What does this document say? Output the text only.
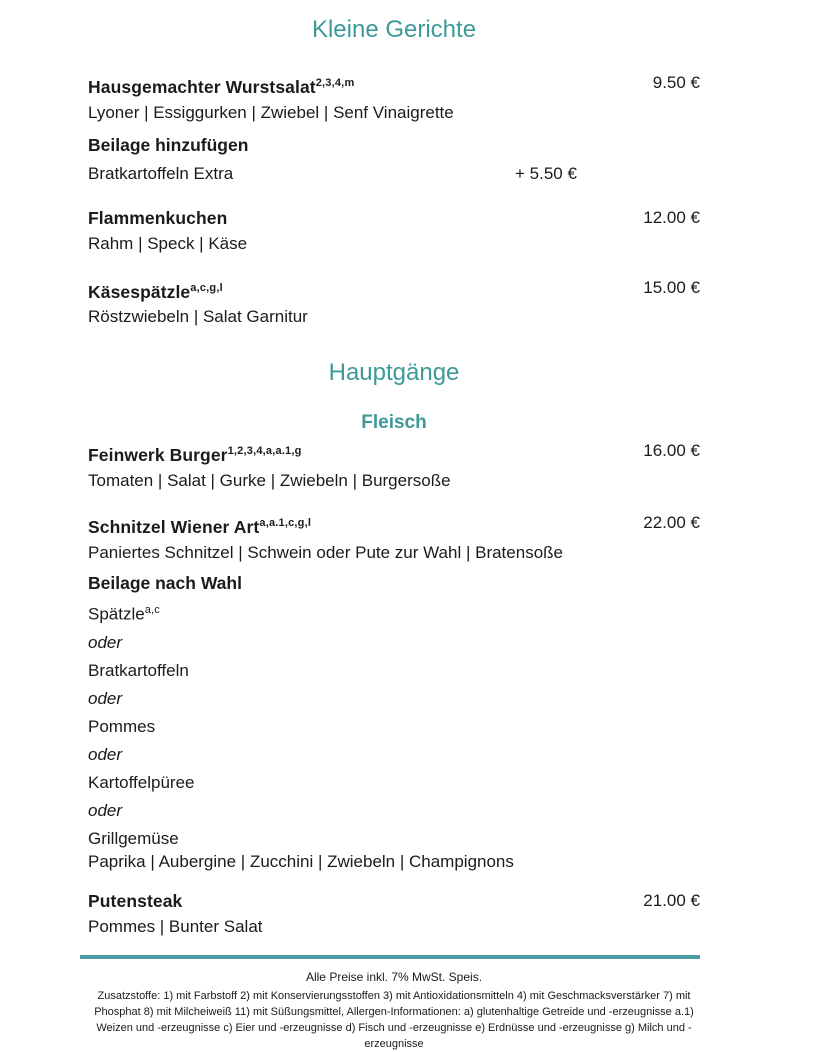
Kleine Gerichte
Hausgemachter Wurstsalat$^{2,3,4,m}$	9.50 €
Lyoner | Essiggurken | Zwiebel | Senf Vinaigrette
Beilage hinzufügen
Bratkartoffeln Extra	+ 5.50 €
Flammenkuchen	12.00 €
Rahm | Speck | Käse
Käsespätzle$^{a,c,g,l}$	15.00 €
Röstzwiebeln | Salat Garnitur
Hauptgänge
Fleisch
Feinwerk Burger$^{1,2,3,4,a,a.1,g}$	16.00 €
Tomaten | Salat | Gurke | Zwiebeln | Burgersoße
Schnitzel Wiener Art$^{a,a.1,c,g,l}$	22.00 €
Paniertes Schnitzel | Schwein oder Pute zur Wahl | Bratensoße
Beilage nach Wahl
Spätzle$^{a,c}$
oder
Bratkartoffeln
oder
Pommes
oder
Kartoffelpüree
oder
Grillgemüse
Paprika | Aubergine | Zucchini | Zwiebeln | Champignons
Putensteak	21.00 €
Pommes | Bunter Salat
Alle Preise inkl. 7% MwSt. Speis.
Zusatzstoffe: 1) mit Farbstoff 2) mit Konservierungsstoffen 3) mit Antioxidationsmitteln 4) mit Geschmacksverstärker 7) mit Phosphat 8) mit Milcheiweiß 11) mit Süßungsmittel, Allergen-Informationen: a) glutenhaltige Getreide und -erzeugnisse a.1) Weizen und -erzeugnisse c) Eier und -erzeugnisse d) Fisch und -erzeugnisse e) Erdnüsse und -erzeugnisse g) Milch und -erzeugnisse
